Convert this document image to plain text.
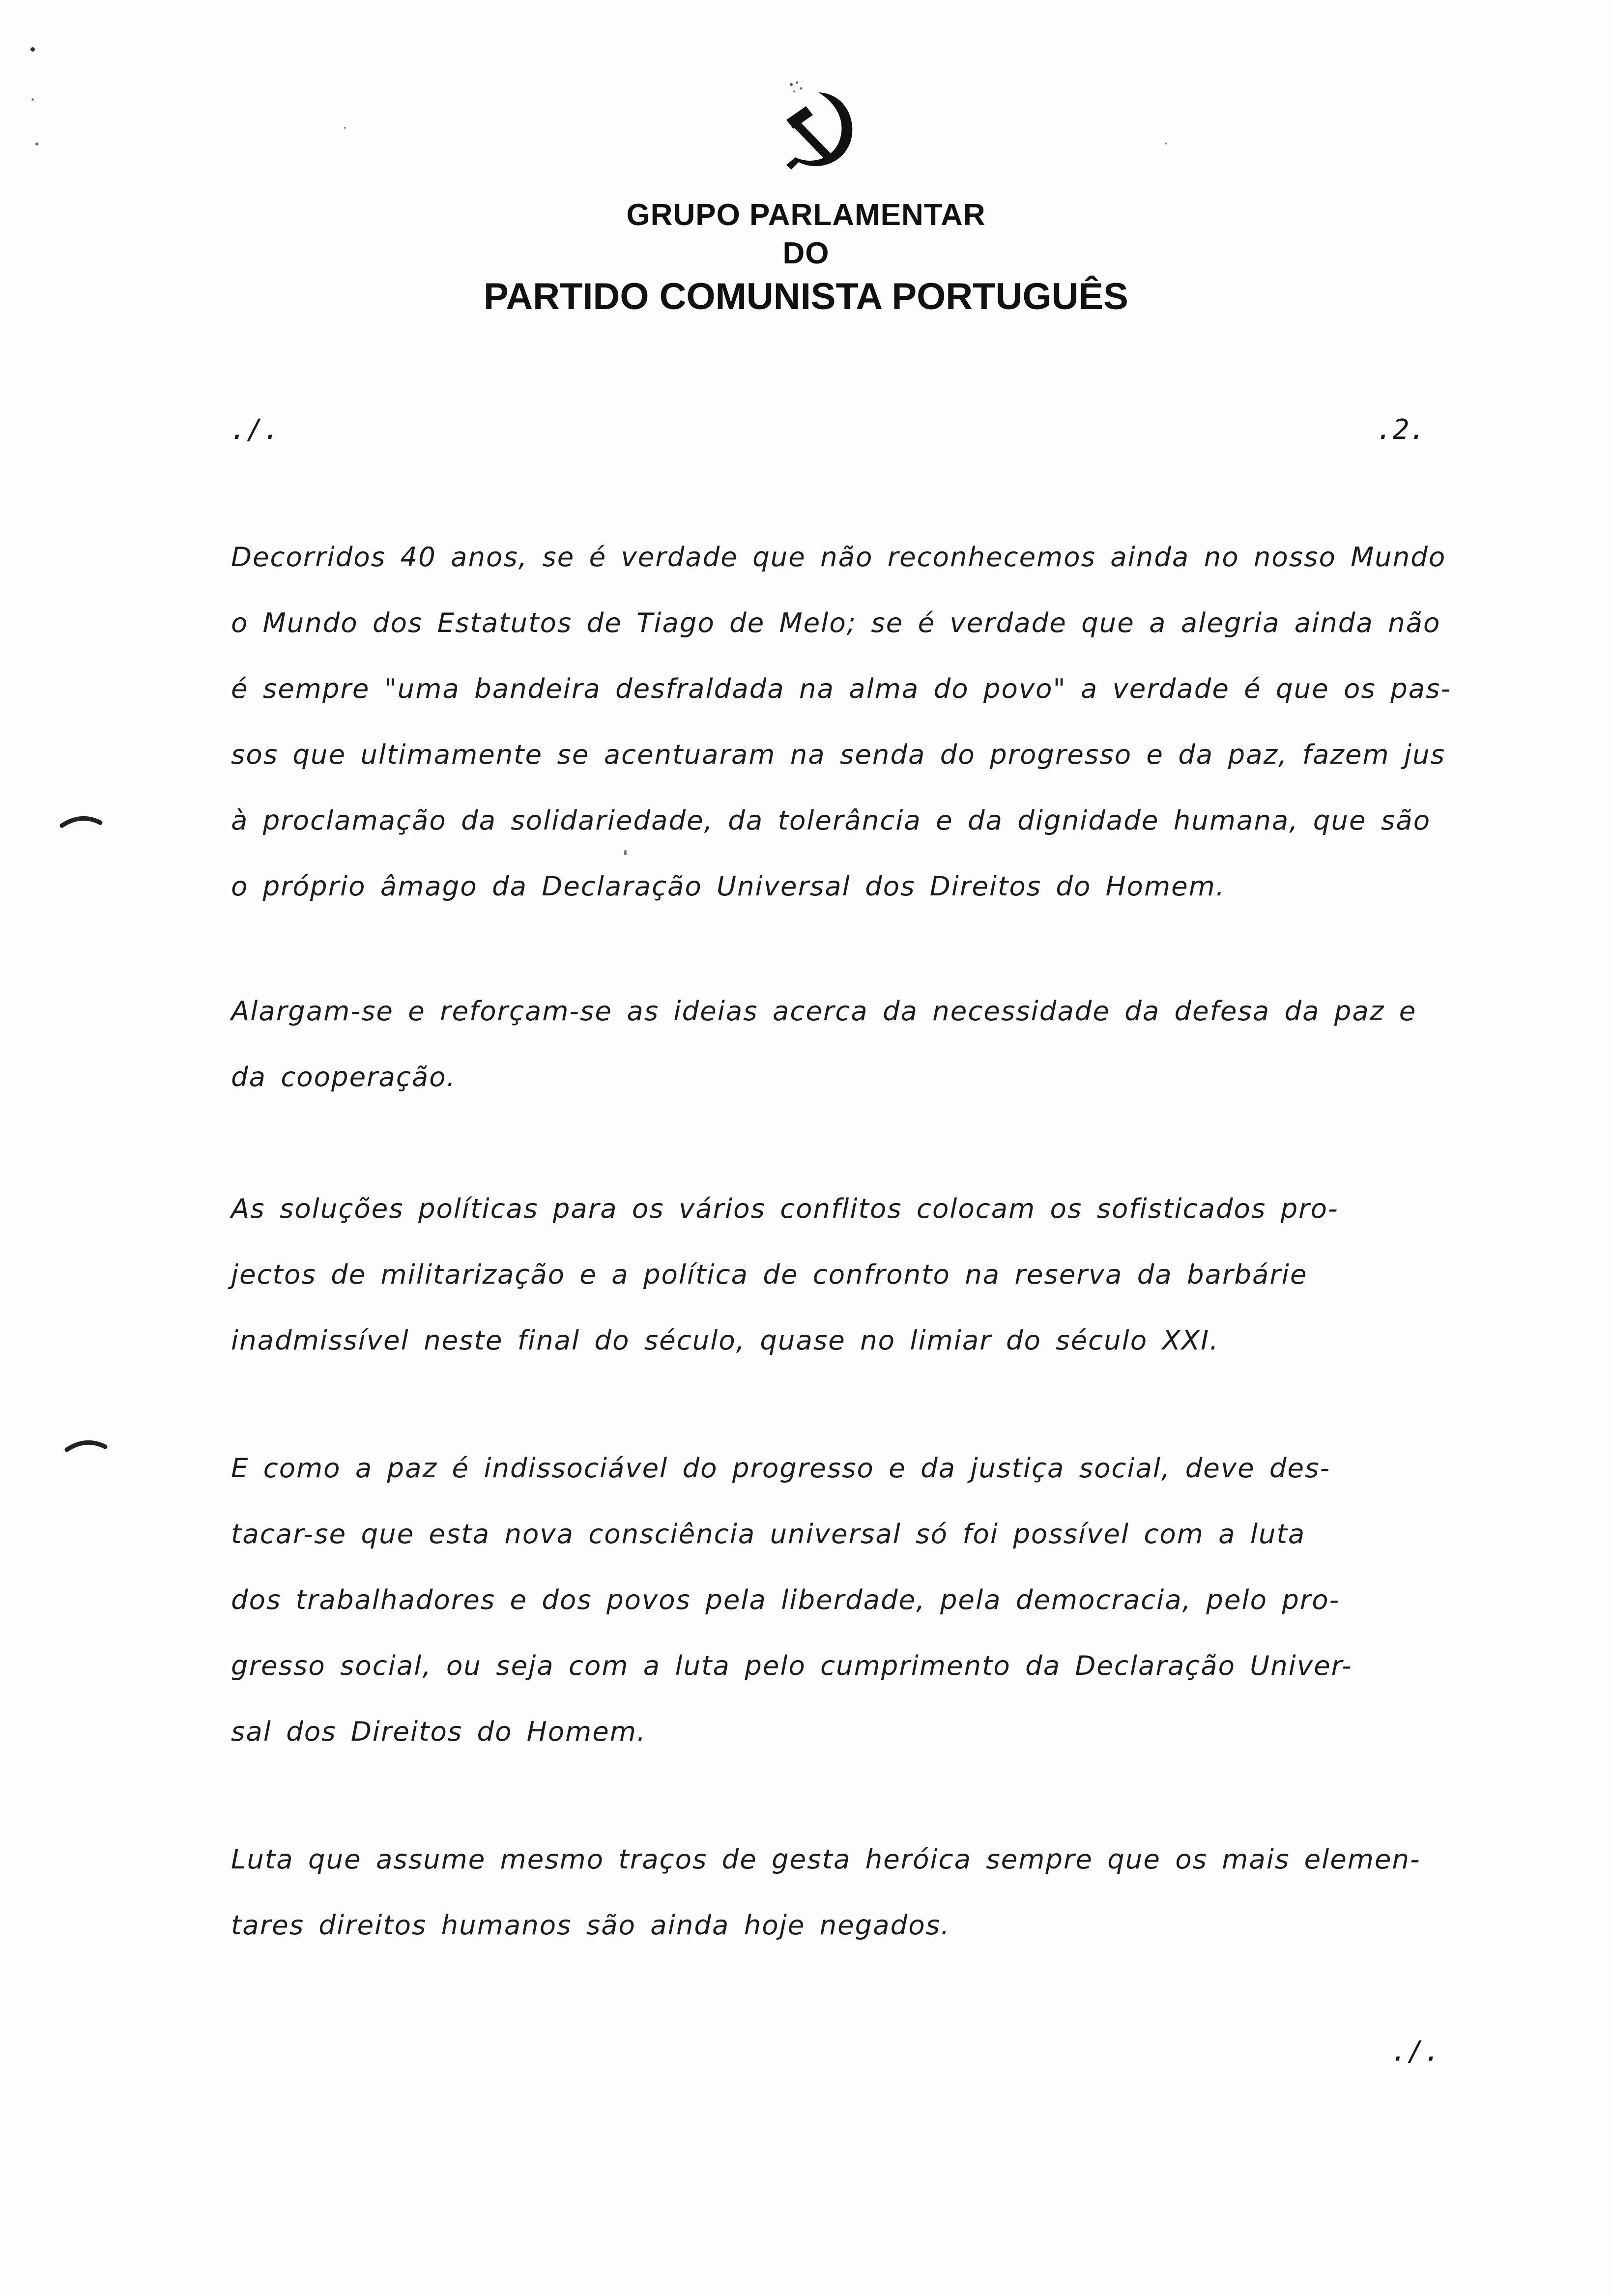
GRUPO PARLAMENTAR
DO
PARTIDO COMUNISTA PORTUGUÊS
./.	.2.
Decorridos 40 anos, se é verdade que não reconhecemos ainda no nosso Mundo
o Mundo dos Estatutos de Tiago de Melo; se é verdade que a alegria ainda não
é sempre "uma bandeira desfraldada na alma do povo" a verdade é que os pas-
sos que ultimamente se acentuaram na senda do progresso e da paz, fazem jus
à proclamação da solidariedade, da tolerância e da dignidade humana, que são
o próprio âmago da Declaração Universal dos Direitos do Homem.
Alargam-se e reforçam-se as ideias acerca da necessidade da defesa da paz e
da cooperação.
As soluções políticas para os vários conflitos colocam os sofisticados pro-
jectos de militarização e a política de confronto na reserva da barbárie
inadmissível neste final do século, quase no limiar do século XXI.
E como a paz é indissociável do progresso e da justiça social, deve des-
tacar-se que esta nova consciência universal só foi possível com a luta
dos trabalhadores e dos povos pela liberdade, pela democracia, pelo pro-
gresso social, ou seja com a luta pelo cumprimento da Declaração Univer-
sal dos Direitos do Homem.
Luta que assume mesmo traços de gesta heróica sempre que os mais elemen-
tares direitos humanos são ainda hoje negados.
./.
